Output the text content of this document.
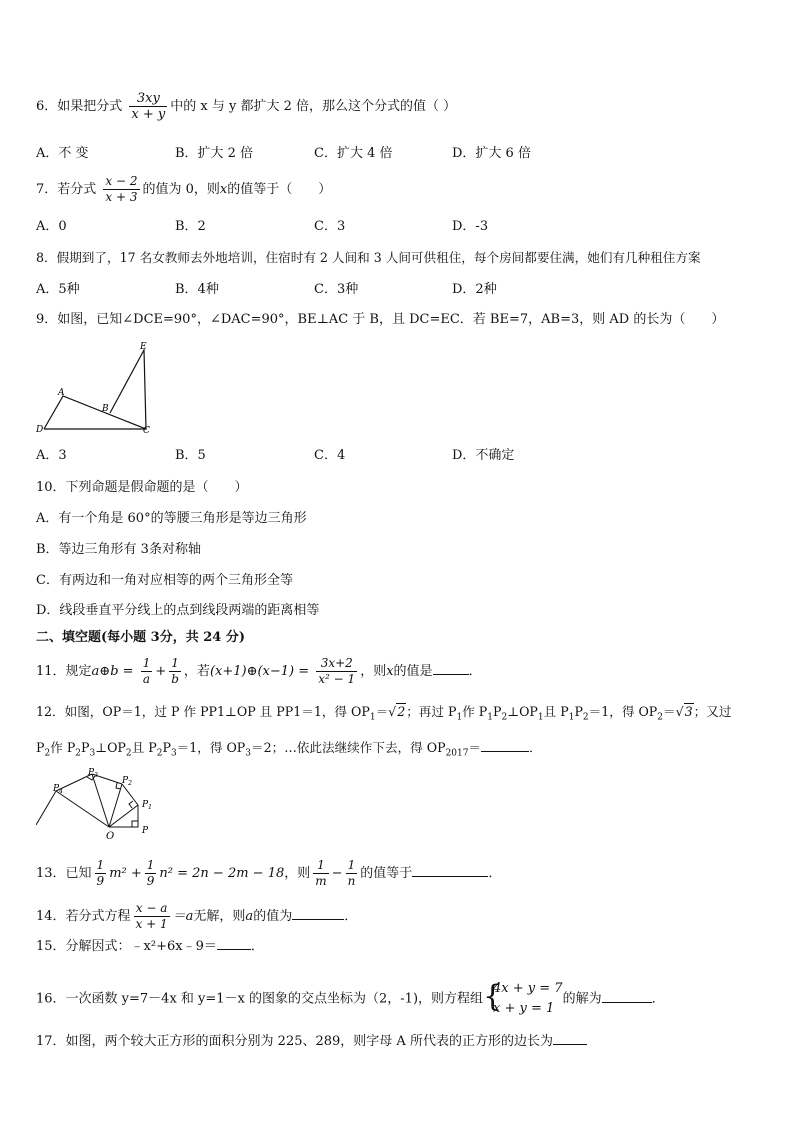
6．如果把分式 $\frac{3xy}{x + y}$ 中的 x 与 y 都扩大 2 倍，那么这个分式的值（ ）
A．不 变	B．扩大 2 倍	C．扩大 4 倍	D．扩大 6 倍
7．若分式 $\frac{x - 2}{x + 3}$ 的值为 0，则x的值等于（　　）
A．0	B．2	C．3	D．-3
8．假期到了，17 名女教师去外地培训，住宿时有 2 人间和 3 人间可供租住，每个房间都要住满，她们有几种租住方案
A．5种	B．4种	C．3种	D．2种
9．如图，已知∠DCE=90°，∠DAC=90°，BE⊥AC 于 B，且 DC=EC．若 BE=7，AB=3，则 AD 的长为（　　）
E
A
B
D	C
A．3	B．5	C．4	D．不确定
10．下列命题是假命题的是（　　）
A．有一个角是 60°的等腰三角形是等边三角形
B．等边三角形有 3条对称轴
C．有两边和一角对应相等的两个三角形全等
D．线段垂直平分线上的点到线段两端的距离相等
二、填空题(每小题 3分，共 24 分)
11．规定a⊕b = $\frac{1}{a} + \frac{1}{b}$ ，若(x+1)⊕(x−1) = $\frac{3x+2}{\text{x² − 1}}$ ，则x的值是	．
12．如图，OP＝1，过 P 作 PP1⊥OP 且 PP1＝1，得 $OP_1=√2$；再过 $P_1$作 $P_1P_2\perp OP_1$且 $P_1P_2=1$，得 $OP_2=√3$；又过
$P_2$作 $P_2P_3\perp OP_2$且 $P_2P_3=1$，得 $OP_3=2$；…依此法继续作下去，得 $OP_{2017}=$	．
$P_4$
$P_3$
$P_2$
$P_1$
O	P
13．已知 $\frac{1}{9} m^2 + \frac{1}{9} n^2 = 2n - 2m - 18$，则 $\frac{1}{m} - \frac{1}{n}$ 的值等于	．
14．若分式方程 $\frac{x - a}{x + 1} =a$无解，则a的值为	．
15．分解因式：﹣x²+6x﹣9＝	．
16．一次函数 y=7－4x 和 y=1－x 的图象的交点坐标为（2，-1)，则方程组 {
4x + y = 7
x + y = 1
的解为	．
17．如图，两个较大正方形的面积分别为 225、289，则字母 A 所代表的正方形的边长为
